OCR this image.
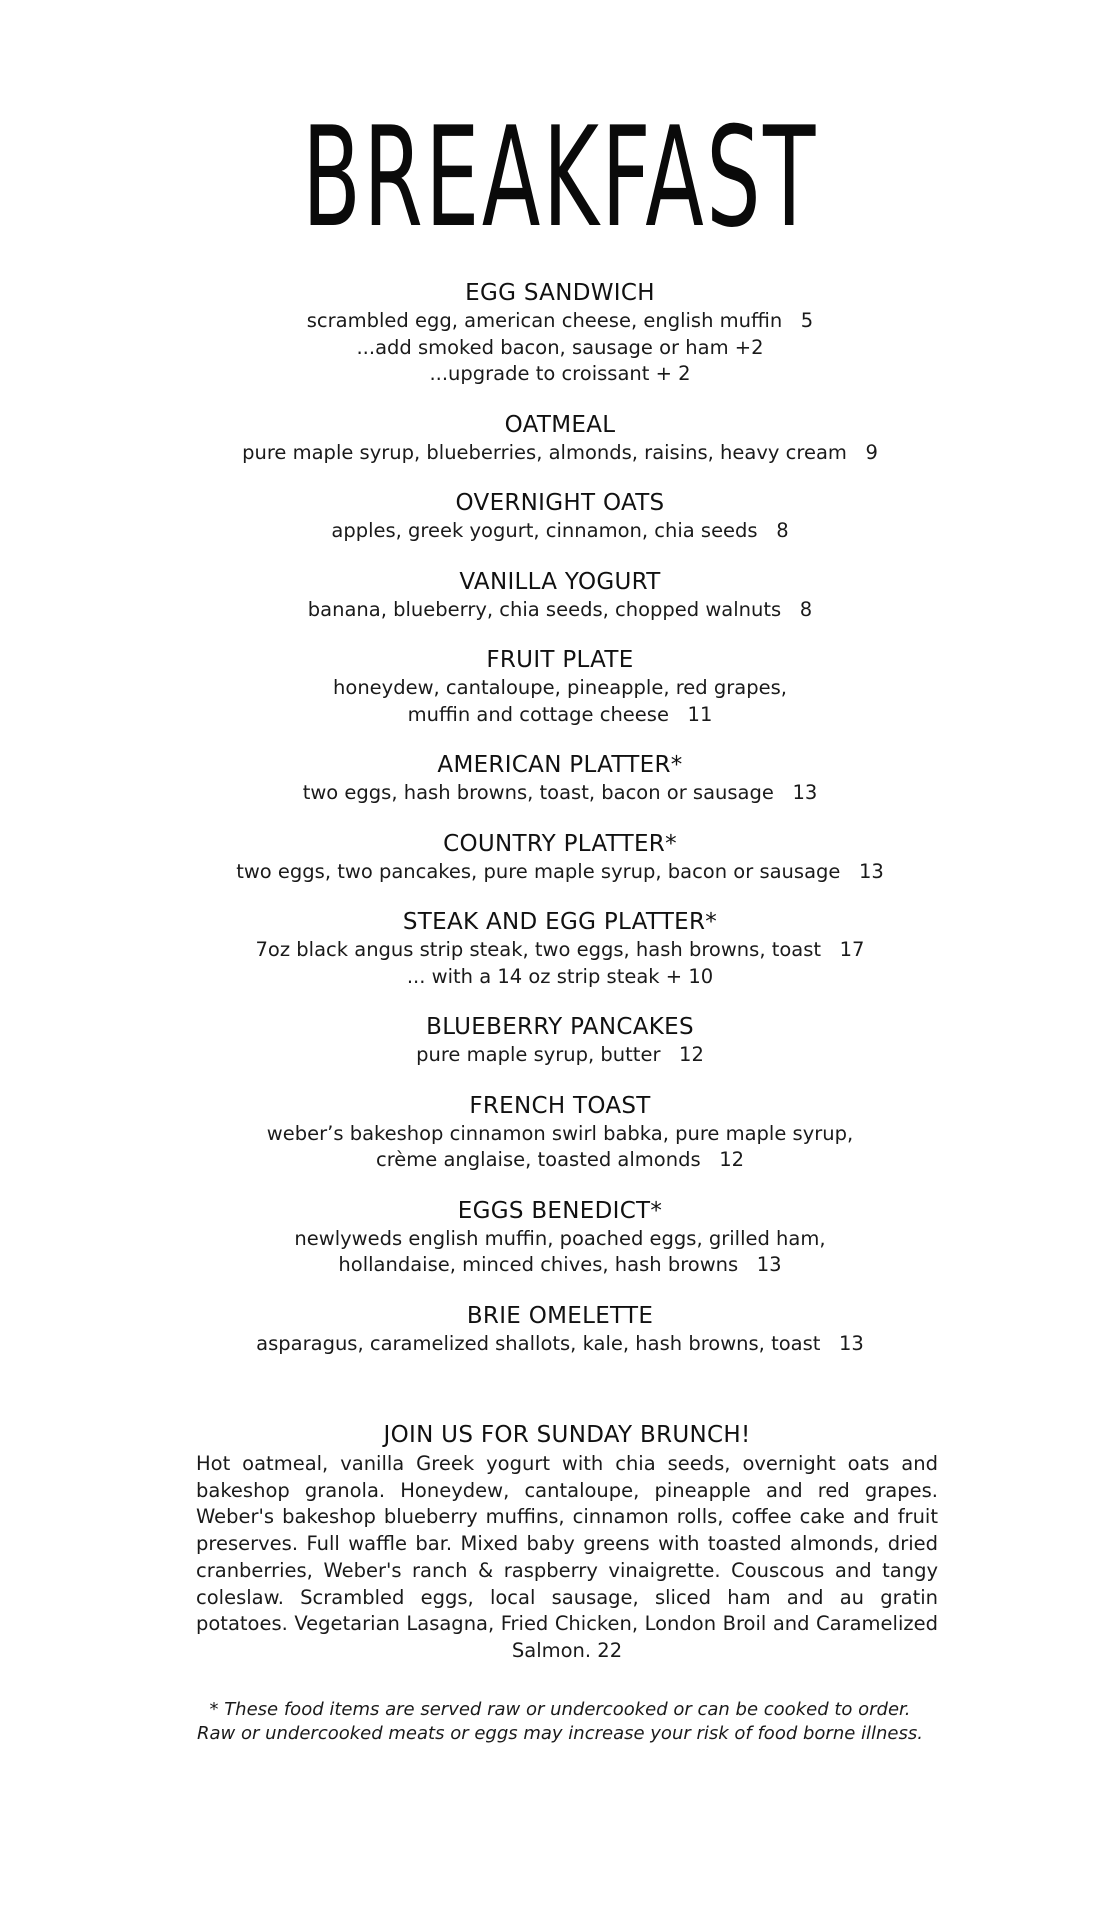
BREAKFAST
EGG SANDWICH
scrambled egg, american cheese, english muffin   5
...add smoked bacon, sausage or ham +2
...upgrade to croissant + 2
OATMEAL
pure maple syrup, blueberries, almonds, raisins, heavy cream   9
OVERNIGHT OATS
apples, greek yogurt, cinnamon, chia seeds   8
VANILLA YOGURT
banana, blueberry, chia seeds, chopped walnuts   8
FRUIT PLATE
honeydew, cantaloupe, pineapple, red grapes,
muffin and cottage cheese   11
AMERICAN PLATTER*
two eggs, hash browns, toast, bacon or sausage   13
COUNTRY PLATTER*
two eggs, two pancakes, pure maple syrup, bacon or sausage   13
STEAK AND EGG PLATTER*
7oz black angus strip steak, two eggs, hash browns, toast   17
... with a 14 oz strip steak + 10
BLUEBERRY PANCAKES
pure maple syrup, butter   12
FRENCH TOAST
weber’s bakeshop cinnamon swirl babka, pure maple syrup,
crème anglaise, toasted almonds   12
EGGS BENEDICT*
newlyweds english muffin, poached eggs, grilled ham,
hollandaise, minced chives, hash browns   13
BRIE OMELETTE
asparagus, caramelized shallots, kale, hash browns, toast   13
JOIN US FOR SUNDAY BRUNCH!
Hot oatmeal, vanilla Greek yogurt with chia seeds, overnight oats and bakeshop granola. Honeydew, cantaloupe, pineapple and red grapes. Weber's bakeshop blueberry muffins, cinnamon rolls, coffee cake and fruit preserves. Full waffle bar. Mixed baby greens with toasted almonds, dried cranberries, Weber's ranch & raspberry vinaigrette. Couscous and tangy coleslaw. Scrambled eggs, local sausage, sliced ham and au gratin potatoes. Vegetarian Lasagna, Fried Chicken, London Broil and Caramelized Salmon. 22
* These food items are served raw or undercooked or can be cooked to order.
Raw or undercooked meats or eggs may increase your risk of food borne illness.
